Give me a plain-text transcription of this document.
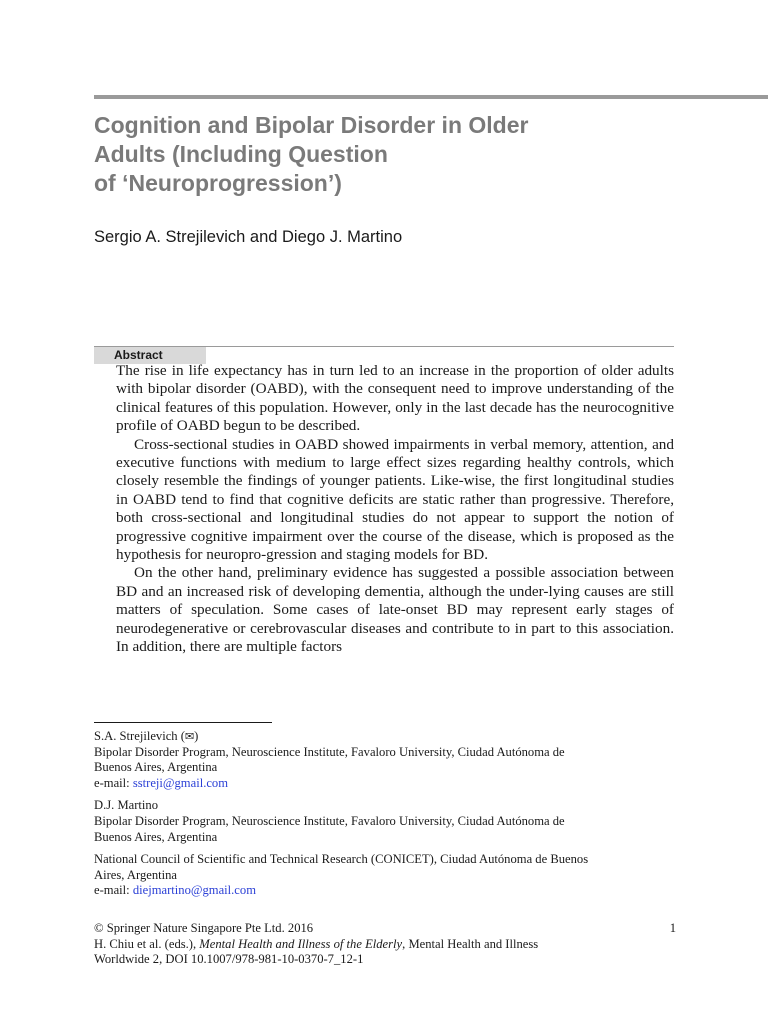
Cognition and Bipolar Disorder in Older
Adults (Including Question
of ‘Neuroprogression’)
Sergio A. Strejilevich and Diego J. Martino
Abstract

The rise in life expectancy has in turn led to an increase in the proportion of older adults with bipolar disorder (OABD), with the consequent need to improve understanding of the clinical features of this population. However, only in the last decade has the neurocognitive profile of OABD begun to be described.

Cross-sectional studies in OABD showed impairments in verbal memory, attention, and executive functions with medium to large effect sizes regarding healthy controls, which closely resemble the findings of younger patients. Like-wise, the first longitudinal studies in OABD tend to find that cognitive deficits are static rather than progressive. Therefore, both cross-sectional and longitudinal studies do not appear to support the notion of progressive cognitive impairment over the course of the disease, which is proposed as the hypothesis for neuropro-gression and staging models for BD.

On the other hand, preliminary evidence has suggested a possible association between BD and an increased risk of developing dementia, although the under-lying causes are still matters of speculation. Some cases of late-onset BD may represent early stages of neurodegenerative or cerebrovascular diseases and contribute to in part to this association. In addition, there are multiple factors

S.A. Strejilevich (✉)
Bipolar Disorder Program, Neuroscience Institute, Favaloro University, Ciudad Autónoma de
Buenos Aires, Argentina
e-mail: sstreji@gmail.com
D.J. Martino
Bipolar Disorder Program, Neuroscience Institute, Favaloro University, Ciudad Autónoma de
Buenos Aires, Argentina
National Council of Scientific and Technical Research (CONICET), Ciudad Autónoma de Buenos
Aires, Argentina
e-mail: diejmartino@gmail.com
© Springer Nature Singapore Pte Ltd. 2016
H. Chiu et al. (eds.), Mental Health and Illness of the Elderly, Mental Health and Illness
Worldwide 2, DOI 10.1007/978-981-10-0370-7_12-1
1
